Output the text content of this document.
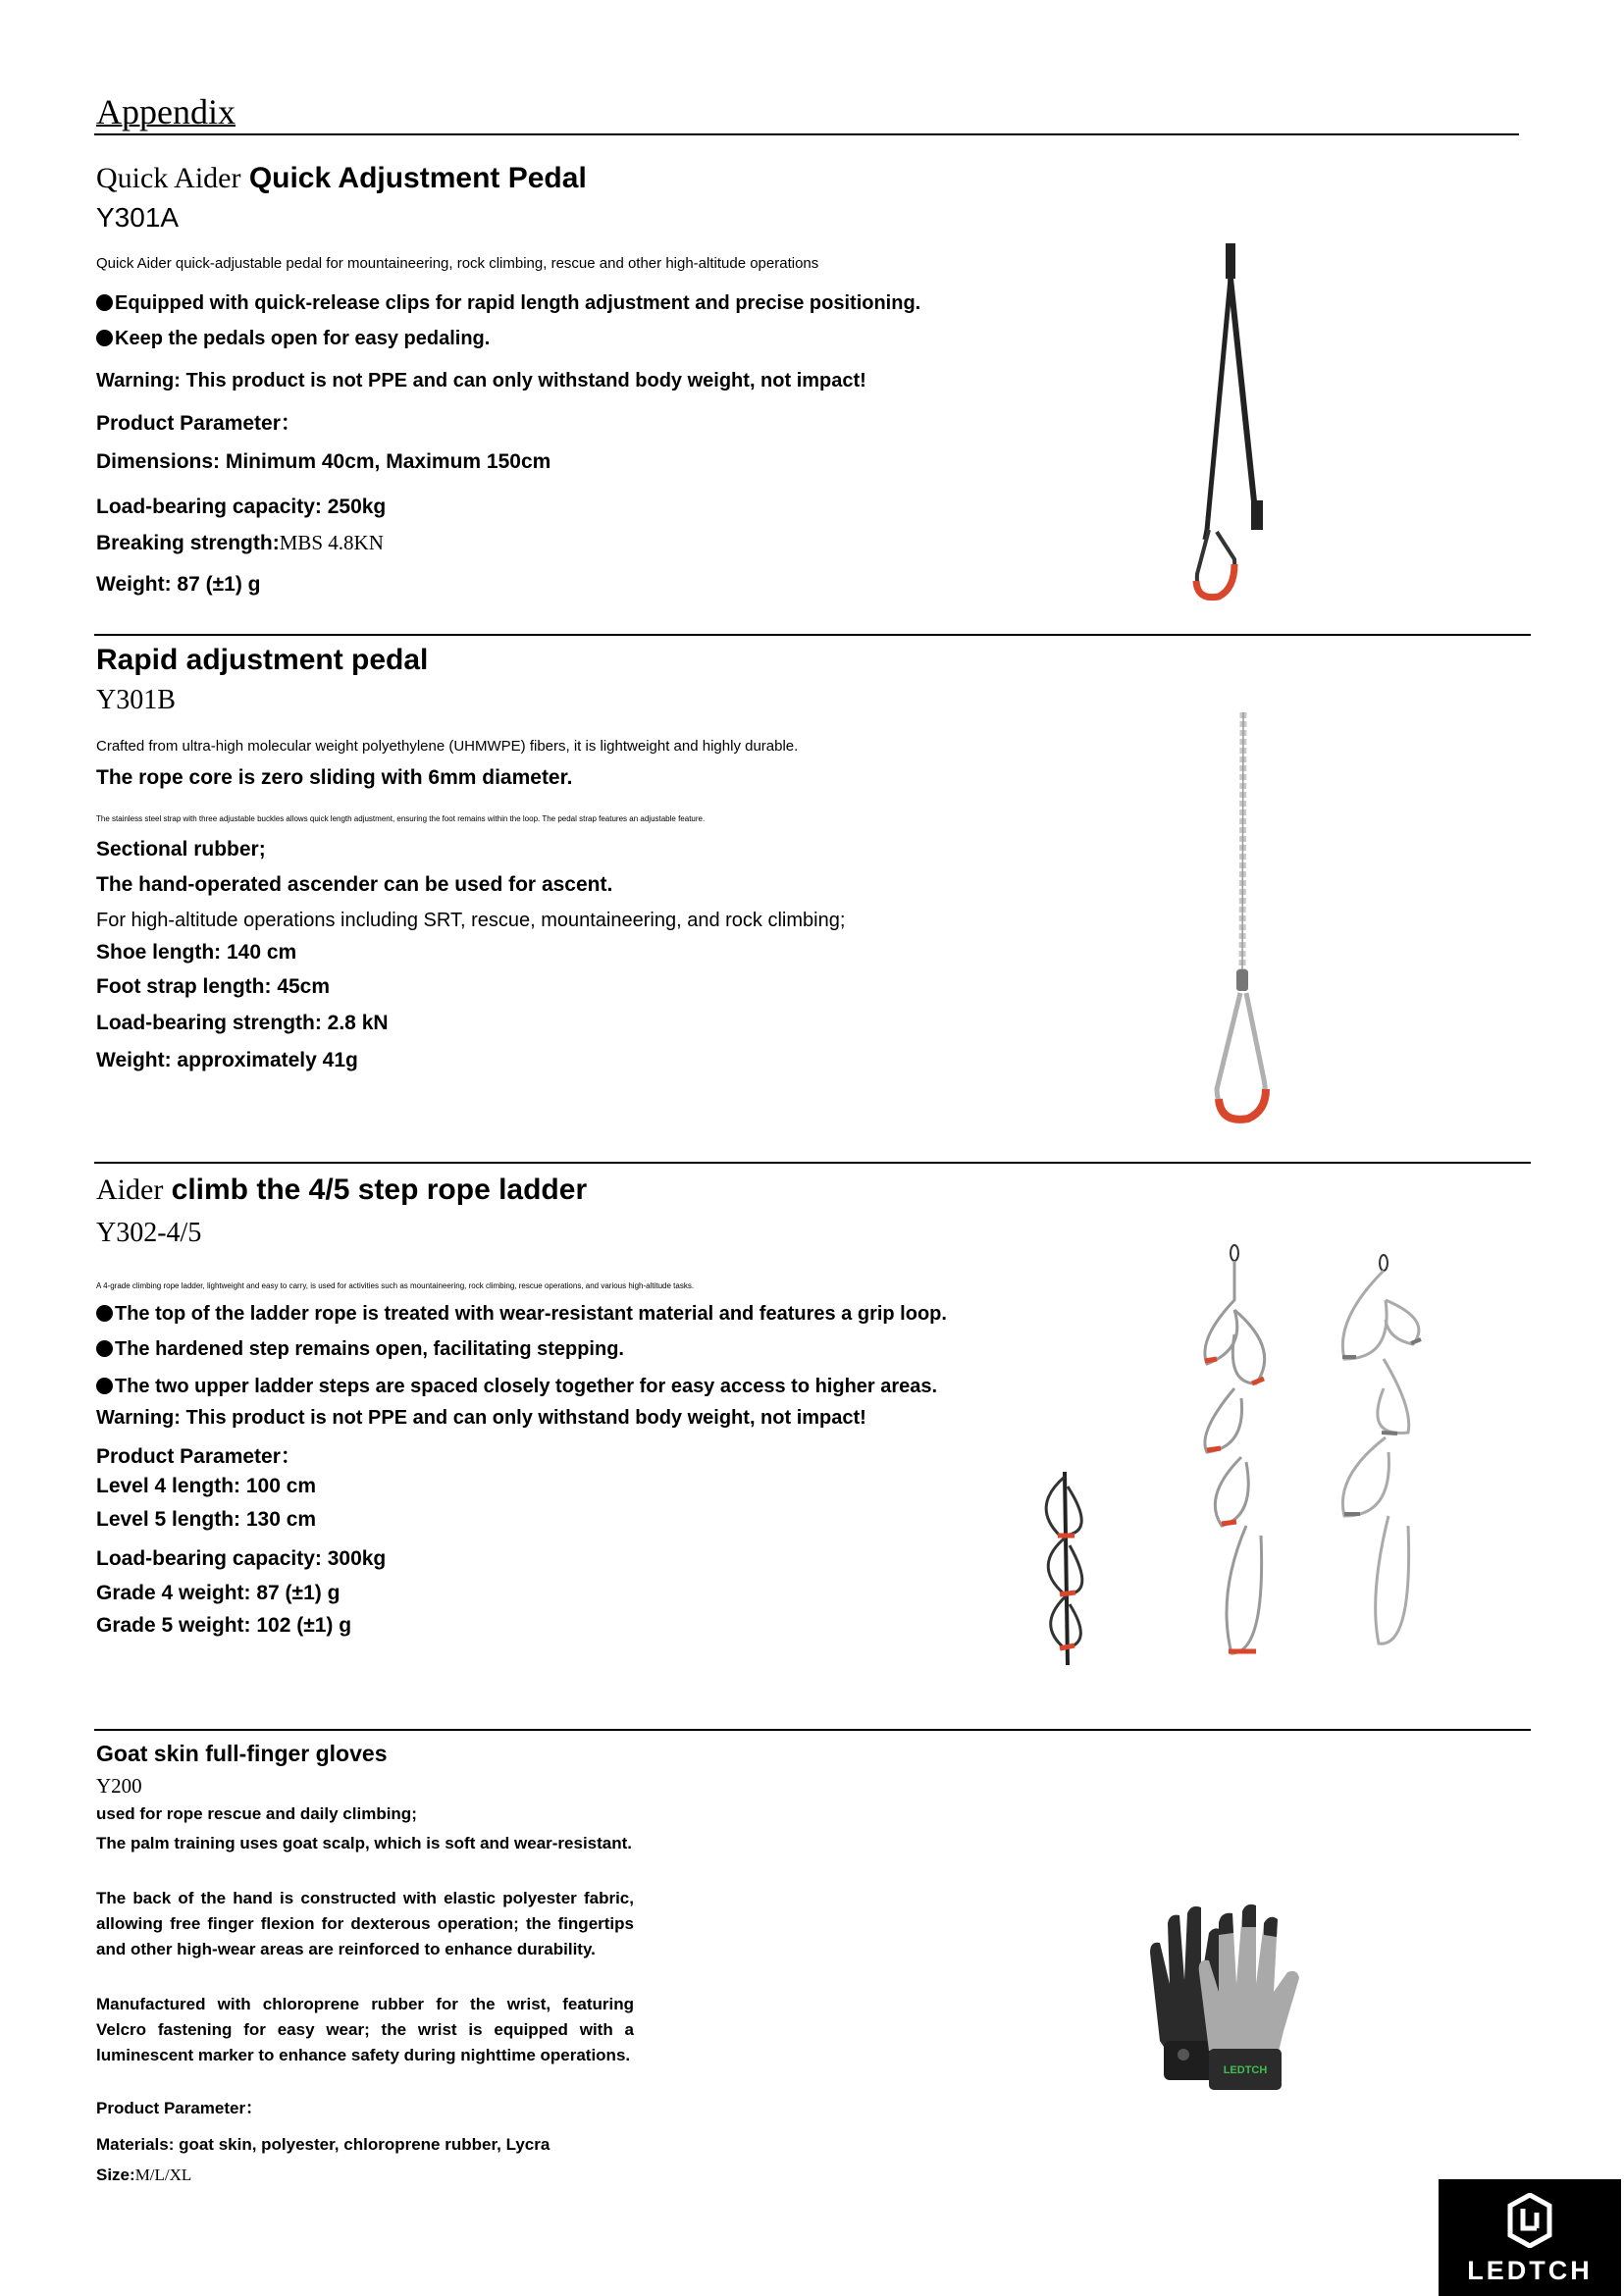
Appendix
Quick Aider Quick Adjustment Pedal
Y301A
Quick Aider quick-adjustable pedal for mountaineering, rock climbing, rescue and other high-altitude operations
Equipped with quick-release clips for rapid length adjustment and precise positioning.
Keep the pedals open for easy pedaling.
Warning: This product is not PPE and can only withstand body weight, not impact!
Product Parameter：
Dimensions: Minimum 40cm, Maximum 150cm
Load-bearing capacity: 250kg
Breaking strength:MBS 4.8KN
Weight: 87 (±1) g
Rapid adjustment pedal
Y301B
Crafted from ultra-high molecular weight polyethylene (UHMWPE) fibers, it is lightweight and highly durable.
The rope core is zero sliding with 6mm diameter.
The stainless steel strap with three adjustable buckles allows quick length adjustment, ensuring the foot remains within the loop. The pedal strap features an adjustable feature.
Sectional rubber;
The hand-operated ascender can be used for ascent.
For high-altitude operations including SRT, rescue, mountaineering, and rock climbing;
Shoe length: 140 cm
Foot strap length: 45cm
Load-bearing strength: 2.8 kN
Weight: approximately 41g
Aider climb the 4/5 step rope ladder
Y302-4/5
A 4-grade climbing rope ladder, lightweight and easy to carry, is used for activities such as mountaineering, rock climbing, rescue operations, and various high-altitude tasks.
The top of the ladder rope is treated with wear-resistant material and features a grip loop.
The hardened step remains open, facilitating stepping.
The two upper ladder steps are spaced closely together for easy access to higher areas.
Warning: This product is not PPE and can only withstand body weight, not impact!
Product Parameter：
Level 4 length: 100 cm
Level 5 length: 130 cm
Load-bearing capacity: 300kg
Grade 4 weight: 87 (±1) g
Grade 5 weight: 102 (±1) g
Goat skin full-finger gloves
Y200
used for rope rescue and daily climbing;
The palm training uses goat scalp, which is soft and wear-resistant.
The back of the hand is constructed with elastic polyester fabric, allowing free finger flexion for dexterous operation; the fingertips and other high-wear areas are reinforced to enhance durability.
Manufactured with chloroprene rubber for the wrist, featuring Velcro fastening for easy wear; the wrist is equipped with a luminescent marker to enhance safety during nighttime operations.
Product Parameter：
Materials: goat skin, polyester, chloroprene rubber, Lycra
Size:M/L/XL
LEDTCH
LEDTCH
